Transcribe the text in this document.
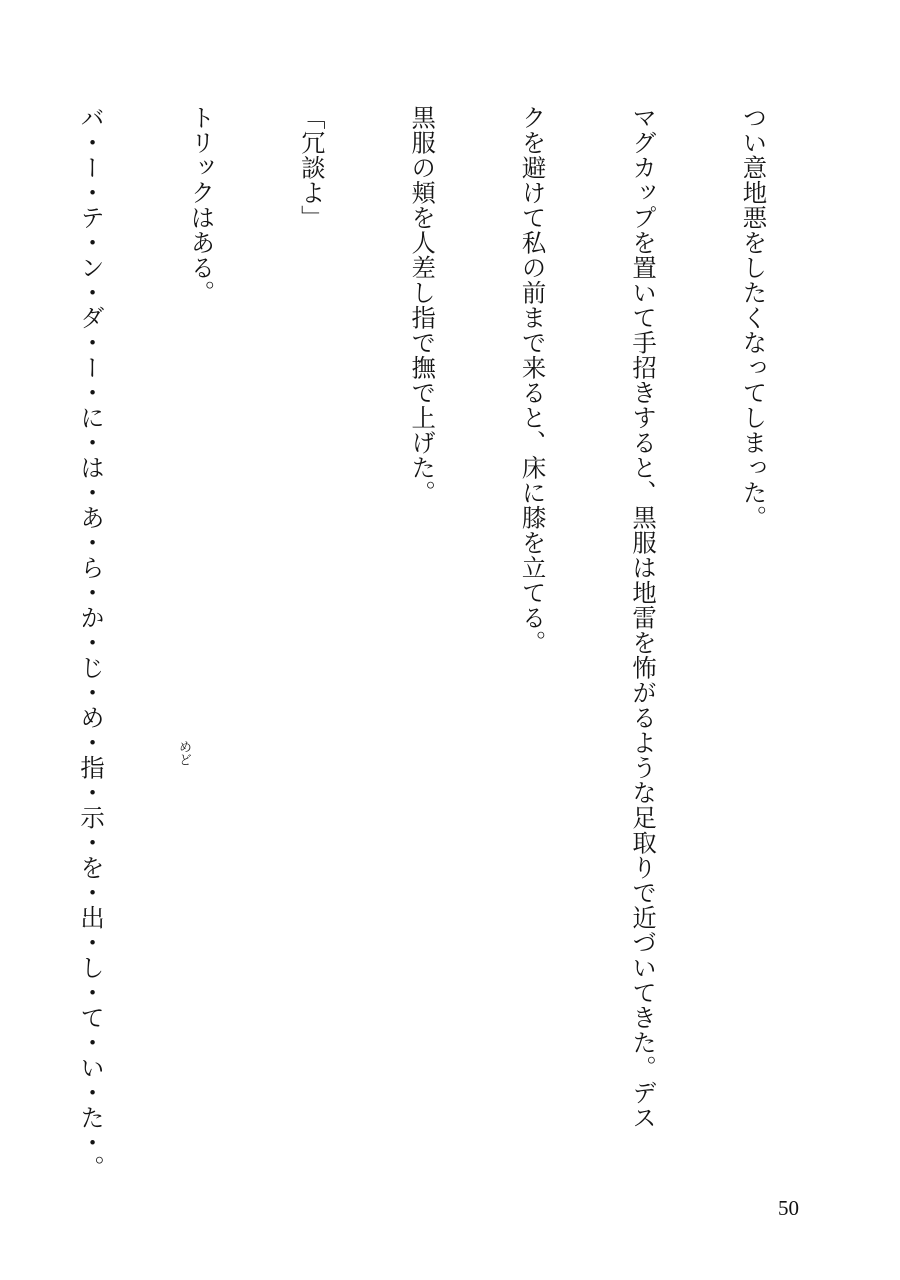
つい意地悪をしたくなってしまった。

マグカップを置いて手招きすると、黒服は地雷を怖がるような足取りで近づいてきた。デス

クを避けて私の前まで来ると、床に膝を立てる。

黒服の頬を人差し指で撫で上げた。

「冗談よ」

トリックはある。

バ・ー・テ・ン・ダ・ー・に・は・あ・ら・か・じ・め・指・示・を・出・し・て・い・た・。

	めど
50
